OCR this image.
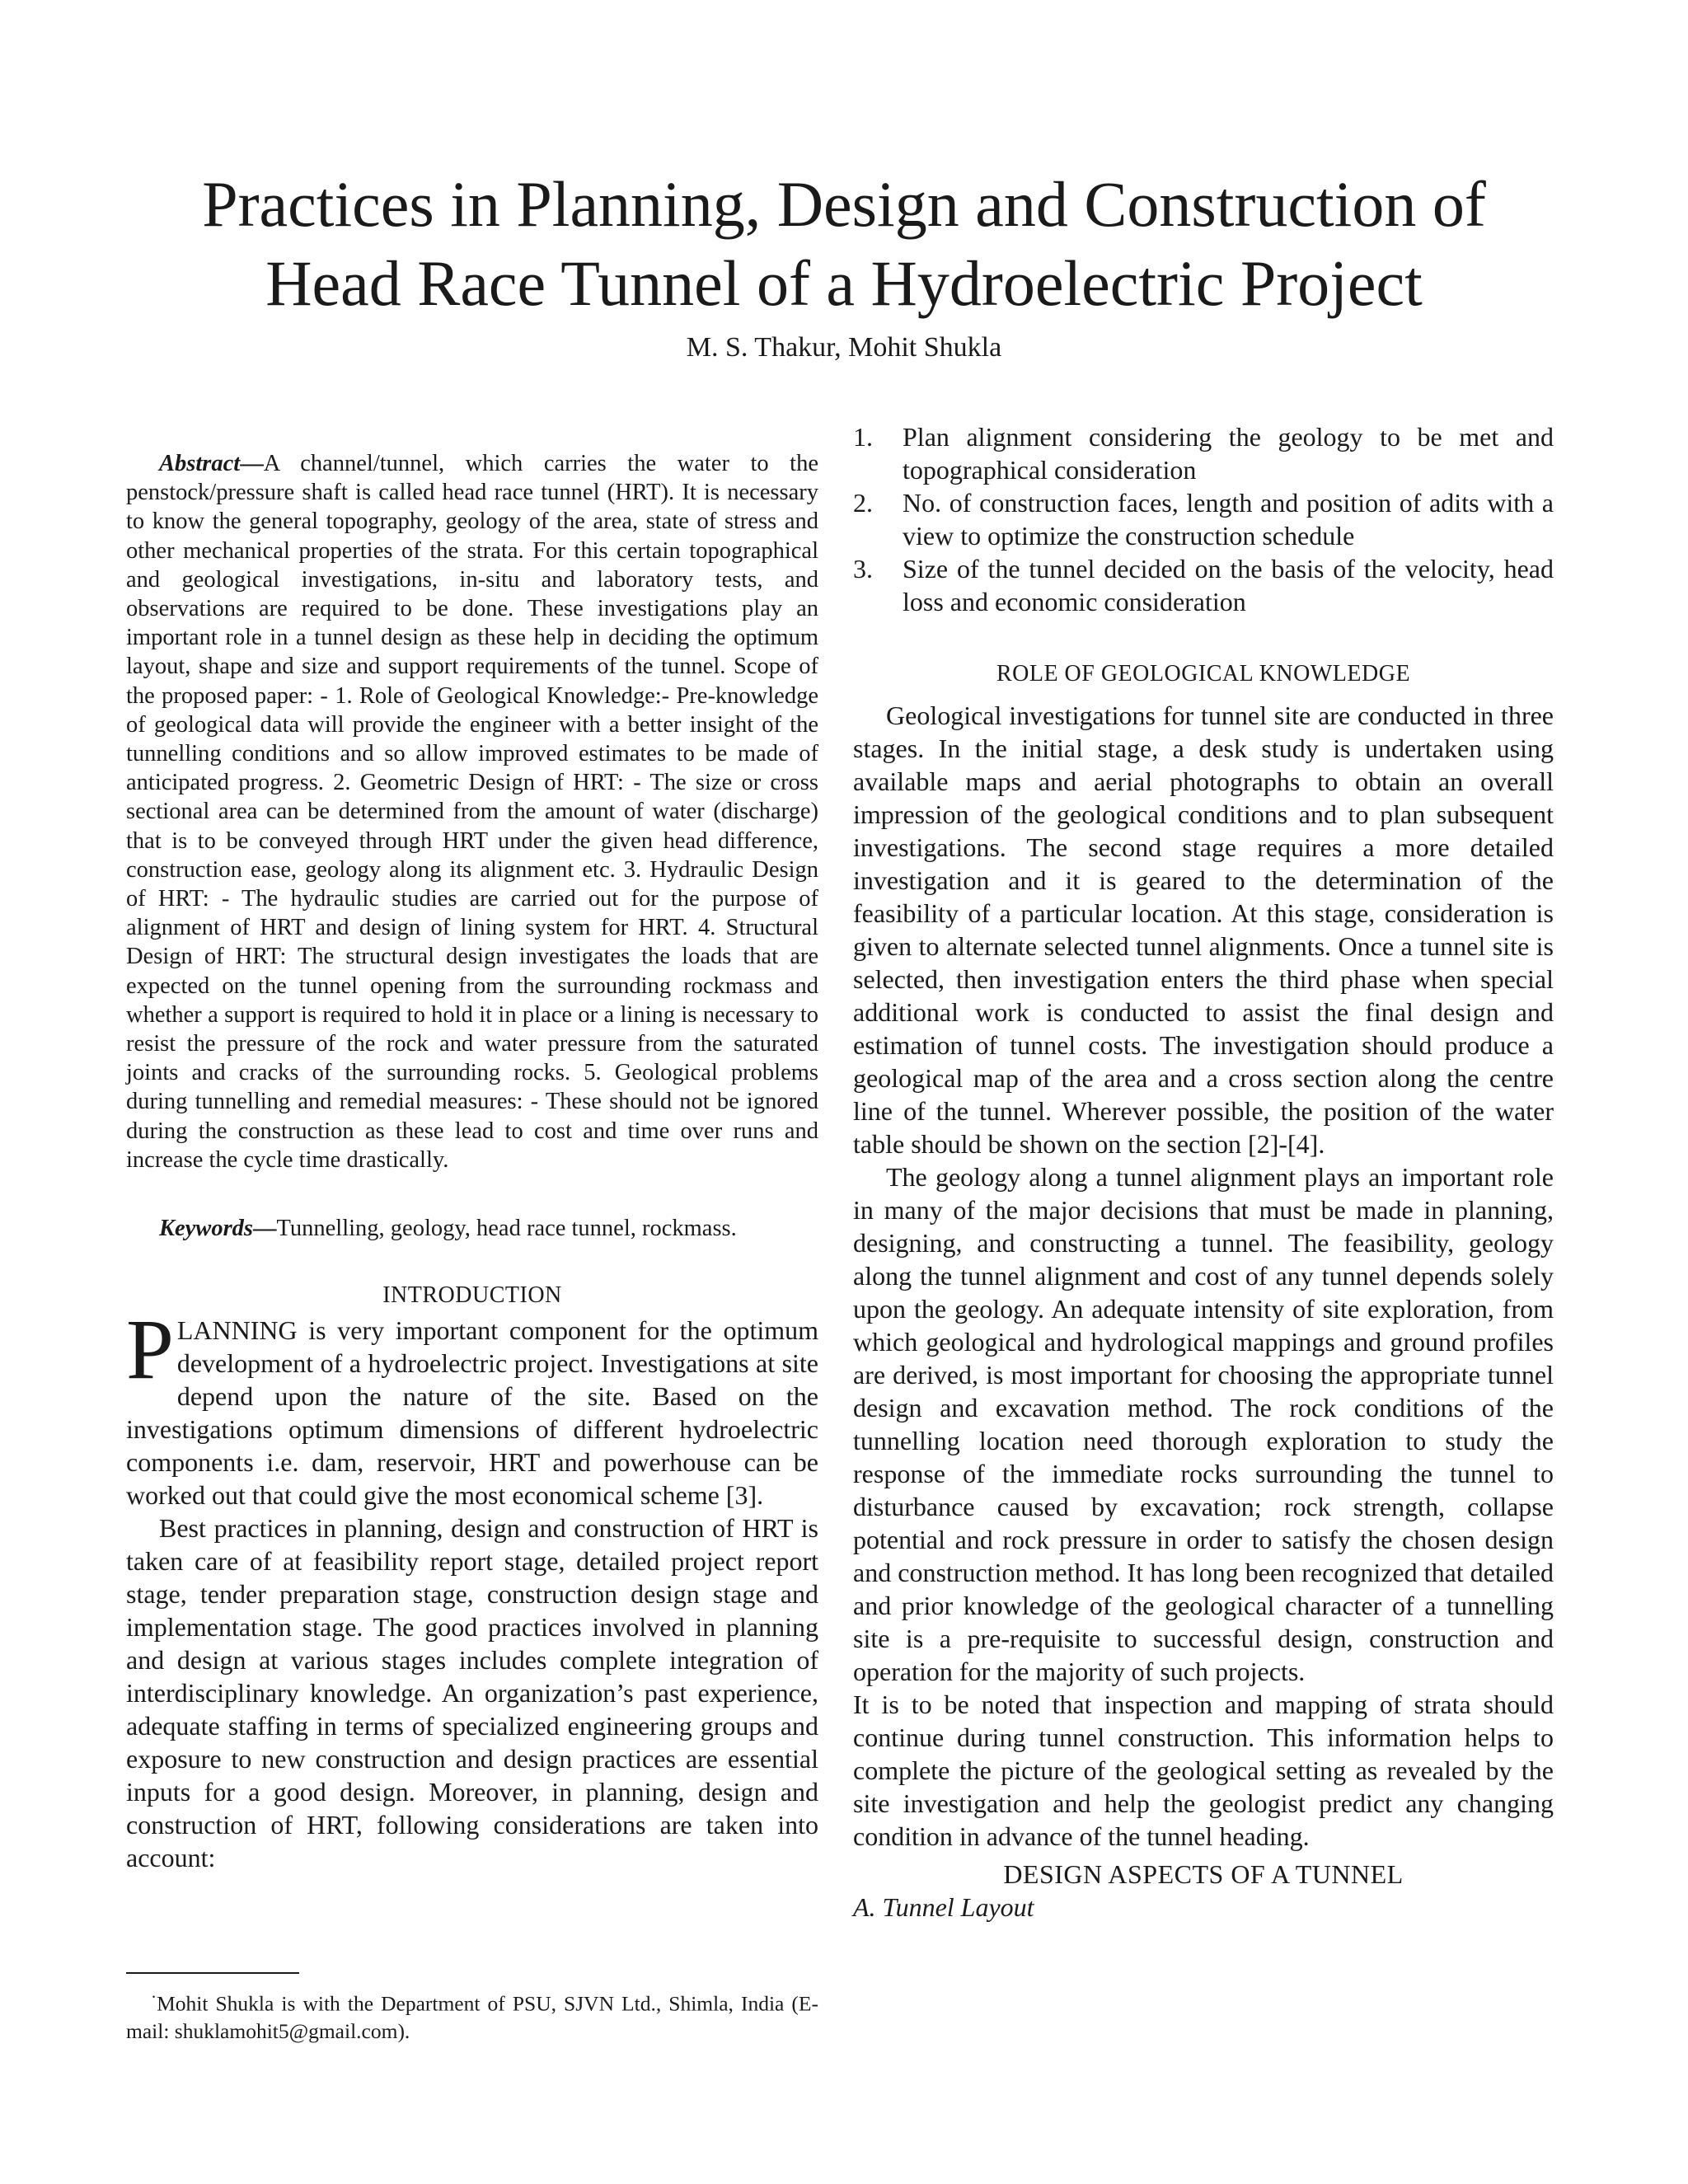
Practices in Planning, Design and Construction of
Head Race Tunnel of a Hydroelectric Project
M. S. Thakur, Mohit Shukla

Abstract—A channel/tunnel, which carries the water to the penstock/pressure shaft is called head race tunnel (HRT). It is necessary to know the general topography, geology of the area, state of stress and other mechanical properties of the strata. For this certain topographical and geological investigations, in-situ and laboratory tests, and observations are required to be done. These investigations play an important role in a tunnel design as these help in deciding the optimum layout, shape and size and support requirements of the tunnel. Scope of the proposed paper: - 1. Role of Geological Knowledge:- Pre-knowledge of geological data will provide the engineer with a better insight of the tunnelling conditions and so allow improved estimates to be made of anticipated progress. 2. Geometric Design of HRT: - The size or cross sectional area can be determined from the amount of water (discharge) that is to be conveyed through HRT under the given head difference, construction ease, geology along its alignment etc. 3. Hydraulic Design of HRT: - The hydraulic studies are carried out for the purpose of alignment of HRT and design of lining system for HRT. 4. Structural Design of HRT: The structural design investigates the loads that are expected on the tunnel opening from the surrounding rockmass and whether a support is required to hold it in place or a lining is necessary to resist the pressure of the rock and water pressure from the saturated joints and cracks of the surrounding rocks. 5. Geological problems during tunnelling and remedial measures: - These should not be ignored during the construction as these lead to cost and time over runs and increase the cycle time drastically.

Keywords—Tunnelling, geology, head race tunnel, rockmass.

INTRODUCTION

PLANNING is very important component for the optimum development of a hydroelectric project. Investigations at site depend upon the nature of the site. Based on the investigations optimum dimensions of different hydroelectric components i.e. dam, reservoir, HRT and powerhouse can be worked out that could give the most economical scheme [3].

Best practices in planning, design and construction of HRT is taken care of at feasibility report stage, detailed project report stage, tender preparation stage, construction design stage and implementation stage. The good practices involved in planning and design at various stages includes complete integration of interdisciplinary knowledge. An organization’s past experience, adequate staffing in terms of specialized engineering groups and exposure to new construction and design practices are essential inputs for a good design. Moreover, in planning, design and construction of HRT, following considerations are taken into account:

1. Plan alignment considering the geology to be met and topographical consideration
2. No. of construction faces, length and position of adits with a view to optimize the construction schedule
3. Size of the tunnel decided on the basis of the velocity, head loss and economic consideration
ROLE OF GEOLOGICAL KNOWLEDGE

Geological investigations for tunnel site are conducted in three stages. In the initial stage, a desk study is undertaken using available maps and aerial photographs to obtain an overall impression of the geological conditions and to plan subsequent investigations. The second stage requires a more detailed investigation and it is geared to the determination of the feasibility of a particular location. At this stage, consideration is given to alternate selected tunnel alignments. Once a tunnel site is selected, then investigation enters the third phase when special additional work is conducted to assist the final design and estimation of tunnel costs. The investigation should produce a geological map of the area and a cross section along the centre line of the tunnel. Wherever possible, the position of the water table should be shown on the section [2]-[4].

The geology along a tunnel alignment plays an important role in many of the major decisions that must be made in planning, designing, and constructing a tunnel. The feasibility, geology along the tunnel alignment and cost of any tunnel depends solely upon the geology. An adequate intensity of site exploration, from which geological and hydrological mappings and ground profiles are derived, is most important for choosing the appropriate tunnel design and excavation method. The rock conditions of the tunnelling location need thorough exploration to study the response of the immediate rocks surrounding the tunnel to disturbance caused by excavation; rock strength, collapse potential and rock pressure in order to satisfy the chosen design and construction method. It has long been recognized that detailed and prior knowledge of the geological character of a tunnelling site is a pre-requisite to successful design, construction and operation for the majority of such projects.

It is to be noted that inspection and mapping of strata should continue during tunnel construction. This information helps to complete the picture of the geological setting as revealed by the site investigation and help the geologist predict any changing condition in advance of the tunnel heading.

DESIGN ASPECTS OF A TUNNEL

A. Tunnel Layout

·Mohit Shukla is with the Department of PSU, SJVN Ltd., Shimla, India (E-mail: shuklamohit5@gmail.com).
